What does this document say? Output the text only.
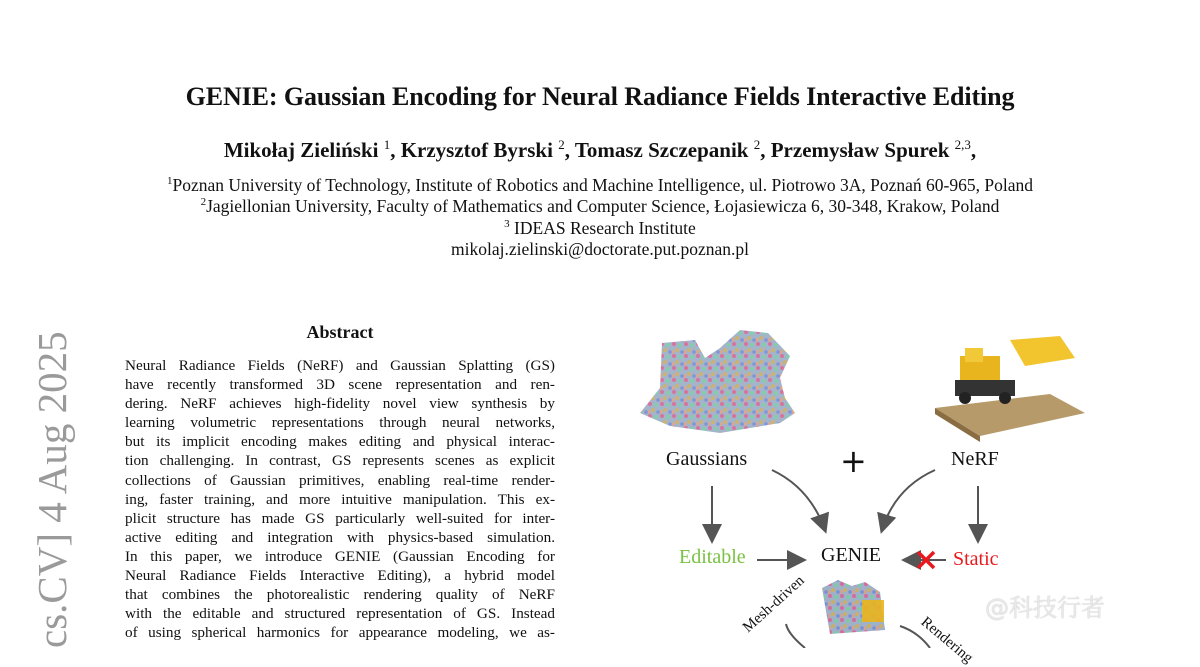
GENIE: Gaussian Encoding for Neural Radiance Fields Interactive Editing
Mikołaj Zieliński $^1$, Krzysztof Byrski $^2$, Tomasz Szczepanik $^2$, Przemysław Spurek $^{2,3}$,
$^1$Poznan University of Technology, Institute of Robotics and Machine Intelligence, ul. Piotrowo 3A, Poznań 60-965, Poland
$^2$Jagiellonian University, Faculty of Mathematics and Computer Science, Łojasiewicza 6, 30-348, Krakow, Poland
$^3$ IDEAS Research Institute
mikolaj.zielinski@doctorate.put.poznan.pl
cs.CV] 4 Aug 2025	Abstract
Neural Radiance Fields (NeRF) and Gaussian Splatting (GS)
have recently transformed 3D scene representation and ren-
dering. NeRF achieves high-fidelity novel view synthesis by
learning volumetric representations through neural networks,
but its implicit encoding makes editing and physical interac-
tion challenging. In contrast, GS represents scenes as explicit
collections of Gaussian primitives, enabling real-time render-
ing, faster training, and more intuitive manipulation. This ex-
plicit structure has made GS particularly well-suited for inter-
active editing and integration with physics-based simulation.
In this paper, we introduce GENIE (Gaussian Encoding for
Neural Radiance Fields Interactive Editing), a hybrid model
that combines the photorealistic rendering quality of NeRF
with the editable and structured representation of GS. Instead
of using spherical harmonics for appearance modeling, we as-
Gaussians	+	NeRF
Editable	GENIE	Static
Mesh-driven
Rendering
@科技行者
